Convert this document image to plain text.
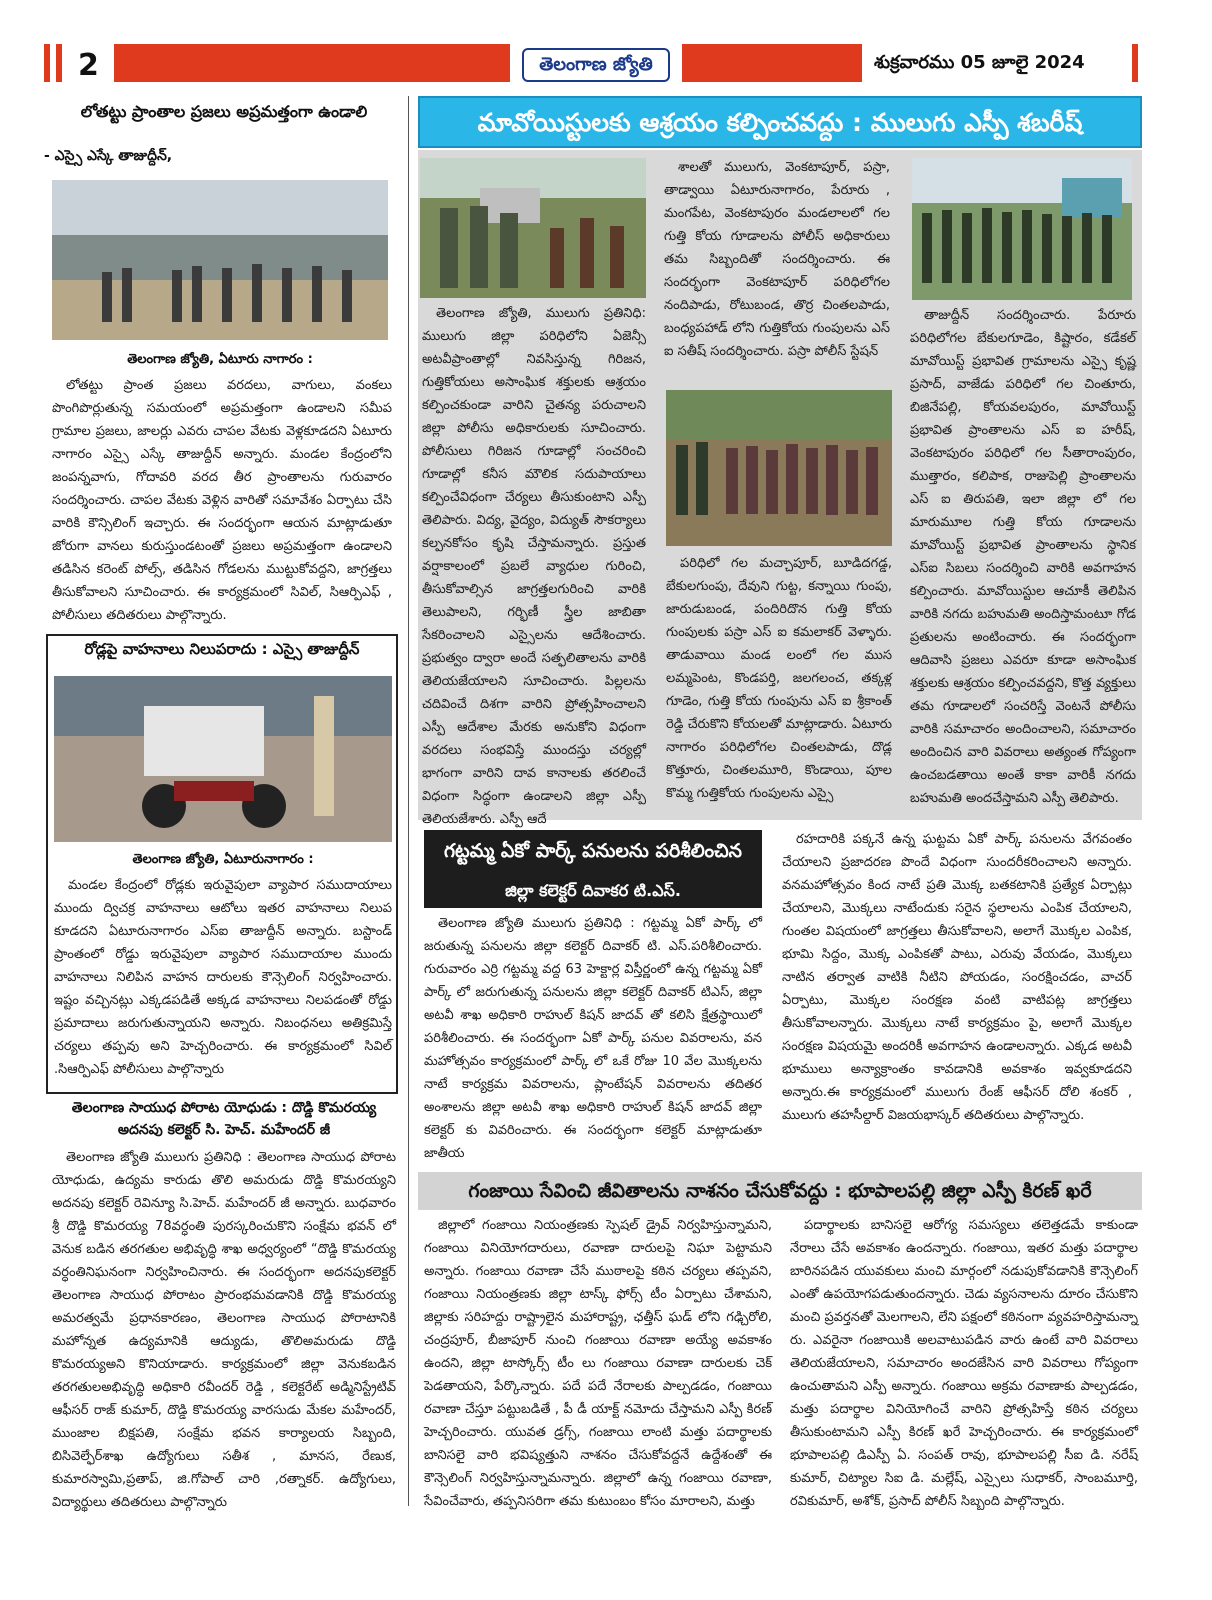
2	తెలంగాణ జ్యోతి	శుక్రవారము 05 జూలై 2024
లోతట్టు ప్రాంతాల ప్రజలు అప్రమత్తంగా ఉండాలి
- ఎస్సై ఎస్కే తాజుద్దీన్,
తెలంగాణ జ్యోతి, ఏటూరు నాగారం :

లోతట్టు ప్రాంత ప్రజలు వరదలు, వాగులు, వంకలు పొంగిపొర్లుతున్న సమయంలో అప్రమత్తంగా ఉండాలని సమీప గ్రామాల ప్రజలు, జాలర్లు ఎవరు చాపల వేటకు వెళ్లకూడదని ఏటూరు నాగారం ఎస్సై ఎస్కే తాజుద్దీన్ అన్నారు. మండల కేంద్రంలోని జంపన్నవాగు, గోదావరి వరద తీర ప్రాంతాలను గురువారం సందర్శించారు. చాపల వేటకు వెళ్లిన వారితో సమావేశం ఏర్పాటు చేసి వారికి కౌన్సిలింగ్ ఇచ్చారు. ఈ సందర్భంగా ఆయన మాట్లాడుతూ జోరుగా వానలు కురుస్తుండటంతో ప్రజలు అప్రమత్తంగా ఉండాలని తడిసిన కరెంట్ పోల్స్, తడిసిన గోడలను ముట్టుకోవద్దని, జాగ్రత్తలు తీసుకోవాలని సూచించారు. ఈ కార్యక్రమంలో సివిల్, సిఆర్పిఎఫ్ , పోలీసులు తదితరులు పాల్గొన్నారు.

రోడ్లపై వాహనాలు నిలుపరాదు : ఎస్సై తాజుద్దీన్
తెలంగాణ జ్యోతి, ఏటూరునాగారం :

మండల కేంద్రంలో రోడ్లకు ఇరువైపులా వ్యాపార సముదాయాలు ముందు ద్విచక్ర వాహనాలు ఆటోలు ఇతర వాహనాలు నిలుప కూడదని ఏటూరునాగారం ఎస్ఐ తాజుద్దీన్ అన్నారు. బస్టాండ్ ప్రాంతంలో రోడ్డు ఇరువైపులా వ్యాపార సముదాయాల ముందు వాహనాలు నిలిపిన వాహన దారులకు కౌన్సెలింగ్ నిర్వహించారు. ఇష్టం వచ్చినట్లు ఎక్కడపడితే అక్కడ వాహనాలు నిలపడంతో రోడ్డు ప్రమాదాలు జరుగుతున్నాయని అన్నారు. నిబంధనలు అతిక్రమిస్తే చర్యలు తప్పవు అని హెచ్చరించారు. ఈ కార్యక్రమంలో సివిల్ .సిఆర్పిఎఫ్ పోలీసులు పాల్గొన్నారు

తెలంగాణ సాయుధ పోరాట యోధుడు : దొడ్డి కొమరయ్య
అదనపు కలెక్టర్ సి. హెచ్. మహేందర్ జీ

తెలంగాణ జ్యోతి ములుగు ప్రతినిధి : తెలంగాణ సాయుధ పోరాట యోధుడు, ఉద్యమ కారుడు తొలి అమరుడు దొడ్డి కొమరయ్యని అదనపు కలెక్టర్ రెవిన్యూ సి.హెచ్. మహేందర్ జీ అన్నారు. బుధవారం శ్రీ దొడ్డి కొమరయ్య 78వర్ధంతి పురస్కరించుకొని సంక్షేమ భవన్ లో వెనుక బడిన తరగతుల అభివృద్ధి శాఖ అధ్వర్యంలో “దొడ్డి కొమరయ్య వర్ధంతినిఘనంగా నిర్వహించినారు. ఈ సందర్భంగా అదనపుకలెక్టర్ తెలంగాణ సాయుధ పోరాటం ప్రారంభమవడానికి దొడ్డి కొమరయ్య అమరత్వమే ప్రధానకారణం, తెలంగాణ సాయుధ పోరాటానికి మహోన్నత ఉద్యమానికి ఆద్యుడు, తొలిఅమరుడు దొడ్డి కొమరయ్యఅని కొనియాడారు. కార్యక్రమంలో జిల్లా వెనుకబడిన తరగతులఅభివృద్ధి అధికారి రవీందర్ రెడ్డి , కలెక్టరేట్ అడ్మినిస్ట్రేటివ్ ఆఫీసర్ రాజ్ కుమార్, దొడ్డి కొమరయ్య వారసుడు మేకల మహేందర్, ముంజాల బిక్షపతి, సంక్షేమ భవన కార్యాలయ సిబ్బంది, బిసివెల్ఫేర్‌శాఖ ఉద్యోగులు సతీశ , మానస, రేణుక, కుమారస్వామి,ప్రతాప్, జి.గోపాల్ చారి ,రత్నాకర్. ఉద్యోగులు, విద్యార్థులు తదితరులు పాల్గొన్నారు

మావోయిస్టులకు ఆశ్రయం కల్పించవద్దు : ములుగు ఎస్పీ శబరీష్

తెలంగాణ జ్యోతి, ములుగు ప్రతినిధి: ములుగు జిల్లా పరిధిలోని ఏజెన్సీ అటవీప్రాంతాల్లో నివసిస్తున్న గిరిజన, గుత్తికోయలు అసాంఘిక శక్తులకు ఆశ్రయం కల్పించకుండా వారిని చైతన్య పరుచాలని జిల్లా పోలీసు అధికారులకు సూచించారు. పోలీసులు గిరిజన గూడాల్లో సంచరించి గూడాల్లో కనీస మౌలిక సదుపాయాలు కల్పించేవిధంగా చేర్యలు తీసుకుంటాని ఎస్పీ తెలిపారు. విద్య, వైద్యం, విద్యుత్ సౌకర్యాలు కల్పనకోసం కృషి చేస్తామన్నారు. ప్రస్తుత వర్షాకాలంలో ప్రబలే వ్యాధుల గురించి, తీసుకోవాల్సిన జాగ్రత్తలగురించి వారికి తెలుపాలని, గర్భిణీ స్త్రీల జాబితా సేకరించాలని ఎస్సైలను ఆదేశించారు. ప్రభుత్వం ద్వారా అందే సత్ఫలితాలను వారికి తెలియజేయాలని సూచించారు. పిల్లలను చదివించే దిశగా వారిని ప్రోత్సహించాలని ఎస్పీ ఆదేశాల మేరకు అనుకోని విధంగా వరదలు సంభవిస్తే ముందస్తు చర్యల్లో భాగంగా వారిని దావ కానాలకు తరలించే విధంగా సిద్ధంగా ఉండాలని జిల్లా ఎస్పీ తెలియజేశారు. ఎస్పీ ఆదే

శాలతో ములుగు, వెంకటాపూర్, పస్రా, తాడ్వాయి ఏటూరునాగారం, పేరూరు , మంగపేట, వెంకటాపురం మండలాలలో గల గుత్తి కోయ గూడాలను పోలీస్ అధికారులు తమ సిబ్బందితో సందర్శించారు. ఈ సందర్భంగా వెంకటాపూర్ పరిధిలోగల నందిపాడు, రోటుబండ, తొర్ర చింతలపాడు, బంధ్యపహాడ్ లోని గుత్తికోయ గుంపులను ఎస్ ఐ సతీష్ సందర్శించారు. పస్రా పోలీస్ స్టేషన్

పరిధిలో గల మచ్చాపూర్, బూడిదగడ్డ, బేకులగుంపు, దేవుని గుట్ట, కన్నాయి గుంపు, జారుడుబండ, పందిరిదొన గుత్తి కోయ గుంపులకు పస్రా ఎస్ ఐ కమలాకర్ వెళ్ళారు. తాడువాయి మండ లంలో గల ముస లమ్మపెంట, కొండపర్తి, జలగలంచ, తక్కళ్ల గూడెం, గుత్తి కోయ గుంపును ఎస్ ఐ శ్రీకాంత్ రెడ్డి చేరుకొని కోయలతో మాట్లాడారు. ఏటూరు నాగారం పరిధిలోగల చింతలపాడు, దొడ్ల కొత్తూరు, చింతలమూరి, కొండాయి, పూల కొమ్మ గుత్తికోయ గుంపులను ఎస్సై

తాజుద్దీన్ సందర్శించారు. పేరూరు పరిధిలోగల బేకులగూడెం, కిష్టారం, కడేకల్ మావోయిస్ట్ ప్రభావిత గ్రామాలను ఎస్సై కృష్ణ ప్రసాద్, వాజేడు పరిధిలో గల చింతూరు, బిజినేపల్లి, కోయవలపురం, మావోయిస్ట్ ప్రభావిత ప్రాంతాలను ఎస్ ఐ హరీష్, వెంకటాపురం పరిధిలో గల సీతారాంపురం, ముత్తారం, కలిపాక, రాజుపెల్లి ప్రాంతాలను ఎస్ ఐ తిరుపతి, ఇలా జిల్లా లో గల మారుమూల గుత్తి కోయ గూడాలను మావోయిస్ట్ ప్రభావిత ప్రాంతాలను స్థానిక ఎస్ఐ సిబలు సందర్శించి వారికి అవగాహన కల్పించారు. మావోయిస్టుల ఆచూకీ తెలిపిన వారికి నగదు బహుమతి అందిస్తామంటూ గోడ ప్రతులను అంటించారు. ఈ సందర్భంగా ఆదివాసి ప్రజలు ఎవరూ కూడా అసాంఘిక శక్తులకు ఆశ్రయం కల్పించవద్దని, కొత్త వ్యక్తులు తమ గూడాలలో సంచరిస్తే వెంటనే పోలీసు వారికి సమాచారం అందించాలని, సమాచారం అందించిన వారి వివరాలు అత్యంత గోప్యంగా ఉంచబడతాయి అంతే కాకా వారికీ నగదు బహుమతి అందచేస్తామని ఎస్పీ తెలిపారు.

గట్టమ్మ ఏకో పార్క్ పనులను పరిశీలించిన
జిల్లా కలెక్టర్ దివాకర టి.ఎస్.

తెలంగాణ జ్యోతి ములుగు ప్రతినిధి : గట్టమ్మ ఏకో పార్క్ లో జరుతున్న పనులను జిల్లా కలెక్టర్ దివాకర్ టి. ఎస్.పరిశీలించారు. గురువారం ఎర్రి గట్టమ్మ వద్ద 63 హెక్టార్ల విస్తీర్ణంలో ఉన్న గట్టమ్మ ఏకో పార్క్ లో జరుగుతున్న పనులను జిల్లా కలెక్టర్ దివాకర్ టిఎస్, జిల్లా అటవీ శాఖ అధికారి రాహుల్ కిషన్ జాదవ్ తో కలిసి క్షేత్రస్థాయిలో పరిశీలించారు. ఈ సందర్భంగా ఏకో పార్క్ పనుల వివరాలను, వన మహోత్సవం కార్యక్రమంలో పార్క్ లో ఒకే రోజు 10 వేల మొక్కలను నాటే కార్యక్రమ వివరాలను, ప్లాంటేషన్ వివరాలను తదితర అంశాలను జిల్లా అటవీ శాఖ అధికారి రాహుల్ కిషన్ జాదవ్ జిల్లా కలెక్టర్ కు వివరించారు. ఈ సందర్భంగా కలెక్టర్ మాట్లాడుతూ జాతీయ

రహదారికి పక్కనే ఉన్న ఘట్టమ ఏకో పార్క్ పనులను వేగవంతం చేయాలని ప్రజాదరణ పొందే విధంగా సుందరీకరించాలని అన్నారు. వనమహోత్సవం కింద నాటే ప్రతి మొక్క బతకటానికి ప్రత్యేక ఏర్పాట్లు చేయాలని, మొక్కలు నాటేందుకు సరైన స్థలాలను ఎంపిక చేయాలని, గుంతల విషయంలో జాగ్రత్తలు తీసుకోవాలని, అలాగే మొక్కల ఎంపిక, భూమి సిద్దం, మొక్క ఎంపికతో పాటు, ఎరువు వేయడం, మొక్కలు నాటిన తర్వాత వాటికి నీటిని పోయడం, సంరక్షించడం, వాచర్ ఏర్పాటు, మొక్కల సంరక్షణ వంటి వాటిపట్ల జాగ్రత్తలు తీసుకోవాలన్నారు. మొక్కలు నాటే కార్యక్రమం పై, అలాగే మొక్కల సంరక్షణ విషయమై అందరికీ అవగాహన ఉండాలన్నారు. ఎక్కడ అటవీ భూములు అన్యాక్రాంతం కావడానికి అవకాశం ఇవ్వకూడదని అన్నారు.ఈ కార్యక్రమంలో ములుగు రేంజ్ ఆఫీసర్ దోలి శంకర్ , ములుగు తహసీల్దార్ విజయభాస్కర్ తదితరులు పాల్గొన్నారు.

గంజాయి సేవించి జీవితాలను నాశనం చేసుకోవద్దు : భూపాలపల్లి జిల్లా ఎస్పీ కిరణ్ ఖరే

జిల్లాలో గంజాయి నియంత్రణకు స్పెషల్ డ్రైవ్ నిర్వహిస్తున్నామని, గంజాయి వినియోగదారులు, రవాణా దారులపై నిఘా పెట్టామని అన్నారు. గంజాయి రవాణా చేసే ముఠాలపై కఠిన చర్యలు తప్పవని, గంజాయి నియంత్రణకు జిల్లా టాస్క్ ఫోర్స్ టీం ఏర్పాటు చేశామని, జిల్లాకు సరిహద్దు రాష్ట్రాలైన మహారాష్ట్ర, ఛత్తీస్ ఘడ్ లోని గఢ్చిరోలి, చంద్రపూర్, బీజాపూర్ నుంచి గంజాయి రవాణా అయ్యే అవకాశం ఉందని, జిల్లా టాస్కోర్స్ టీం లు గంజాయి రవాణా దారులకు చెక్ పెడతాయని, పేర్కొన్నారు. పదే పదే నేరాలకు పాల్పడడం, గంజాయి రవాణా చేస్తూ పట్టుబడితే , పీ డీ యాక్ట్ నమోదు చేస్తామని ఎస్పీ కిరణ్ హెచ్చరించారు. యువత డ్రగ్స్, గంజాయి లాంటి మత్తు పదార్థాలకు బానిసలై వారి భవిష్యత్తుని నాశనం చేసుకోవద్దనే ఉద్దేశంతో ఈ కౌన్సెలింగ్ నిర్వహిస్తున్నామన్నారు. జిల్లాలో ఉన్న గంజాయి రవాణా, సేవించేవారు, తప్పనిసరిగా తమ కుటుంబం కోసం మారాలని, మత్తు

పదార్థాలకు బానిసలై ఆరోగ్య సమస్యలు తలెత్తడమే కాకుండా నేరాలు చేసే అవకాశం ఉందన్నారు. గంజాయి, ఇతర మత్తు పదార్థాల బారినపడిన యువకులు మంచి మార్గంలో నడుపుకోవడానికి కౌన్సెలింగ్ ఎంతో ఉపయోగపడుతుందన్నారు. చెడు వ్యసనాలను దూరం చేసుకొని మంచి ప్రవర్తనతో మెలగాలని, లేని పక్షంలో కఠినంగా వ్యవహరిస్తామన్నా రు. ఎవరైనా గంజాయికి అలవాటుపడిన వారు ఉంటే వారి వివరాలు తెలియజేయాలని, సమాచారం అందజేసిన వారి వివరాలు గోప్యంగా ఉంచుతామని ఎస్పీ అన్నారు. గంజాయి అక్రమ రవాణాకు పాల్పడడం, మత్తు పదార్థాల వినియోగించే వారిని ప్రోత్సహిస్తే కఠిన చర్యలు తీసుకుంటామని ఎస్పీ కిరణ్ ఖరే హెచ్చరించారు. ఈ కార్యక్రమంలో భూపాలపల్లి డిఎస్పీ ఏ. సంపత్ రావు, భూపాలపల్లి సీఐ డి. నరేష్ కుమార్, చిట్యాల సిఐ డి. మల్లేష్, ఎస్సైలు సుధాకర్, సాంబమూర్తి, రవికుమార్, అశోక్, ప్రసాద్ పోలీస్ సిబ్బంది పాల్గొన్నారు.
